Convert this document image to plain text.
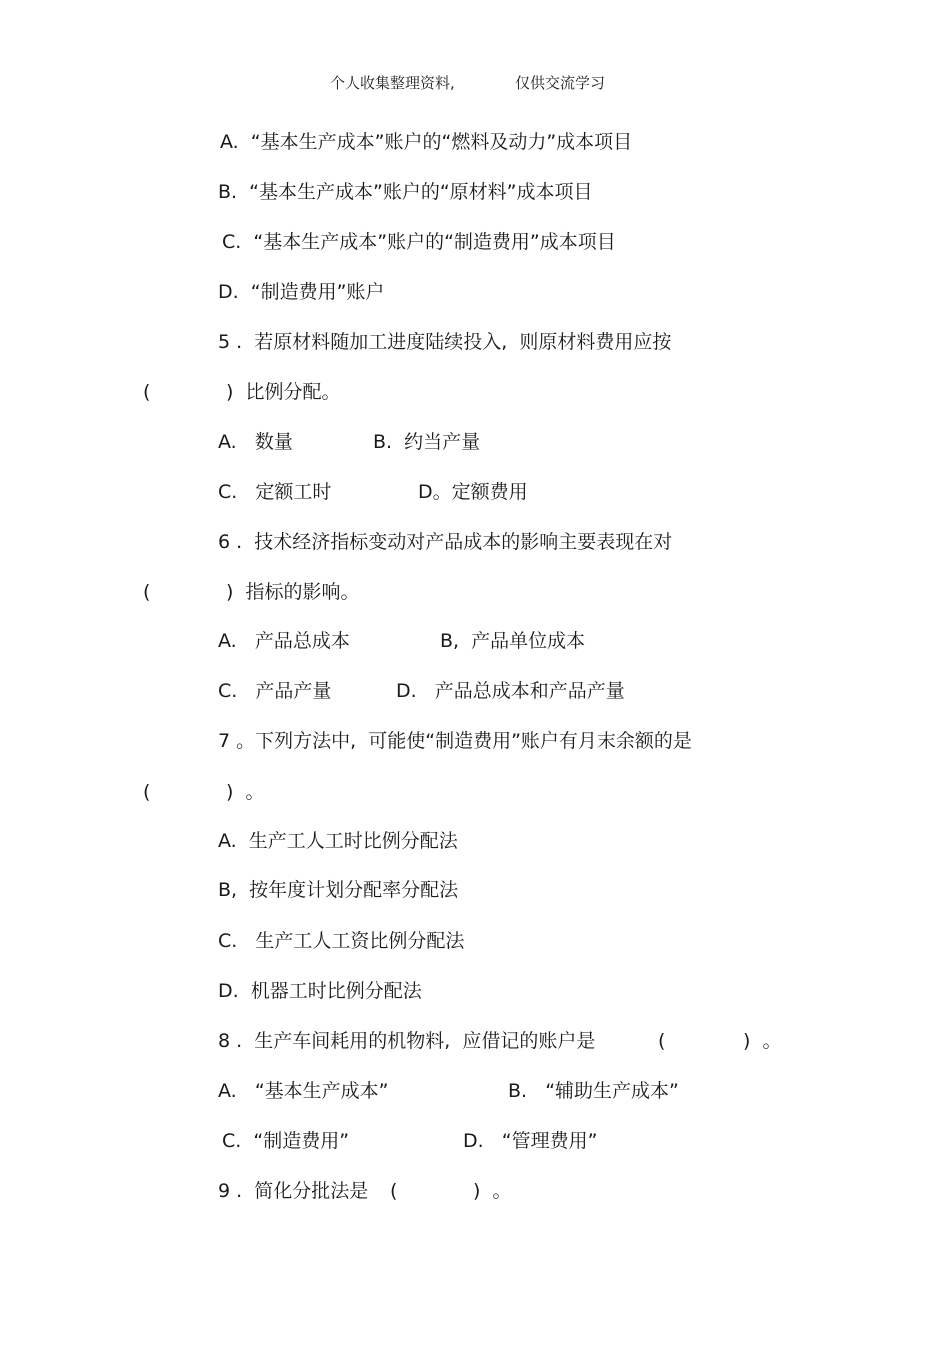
个人收集整理资料,	仅供交流学习
A.  “基本生产成本”账户的“燃料及动力”成本项目
B.  “基本生产成本”账户的“原材料”成本项目
C.  “基本生产成本”账户的“制造费用”成本项目
D.  “制造费用”账户
5 .  若原材料随加工进度陆续投入,  则原材料费用应按
(	)  比例分配。

A.   数量

	B.  约当产量

C.   定额工时

	D。定额费用

6 .  技术经济指标变动对产品成本的影响主要表现在对
(	)  指标的影响。

A.   产品总成本

	B,  产品单位成本

C.   产品产量

	D.   产品总成本和产品产量

7 。下列方法中,  可能使“制造费用”账户有月末余额的是
(	)  。
A.  生产工人工时比例分配法
B,  按年度计划分配率分配法
C.   生产工人工资比例分配法
D.  机器工时比例分配法

8 .  生产车间耗用的机物料,  应借记的账户是

	(

	)  。

A.   “基本生产成本”

	B.   “辅助生产成本”

C.  “制造费用”

	D.   “管理费用”

9 .  简化分批法是

(

	)  。
